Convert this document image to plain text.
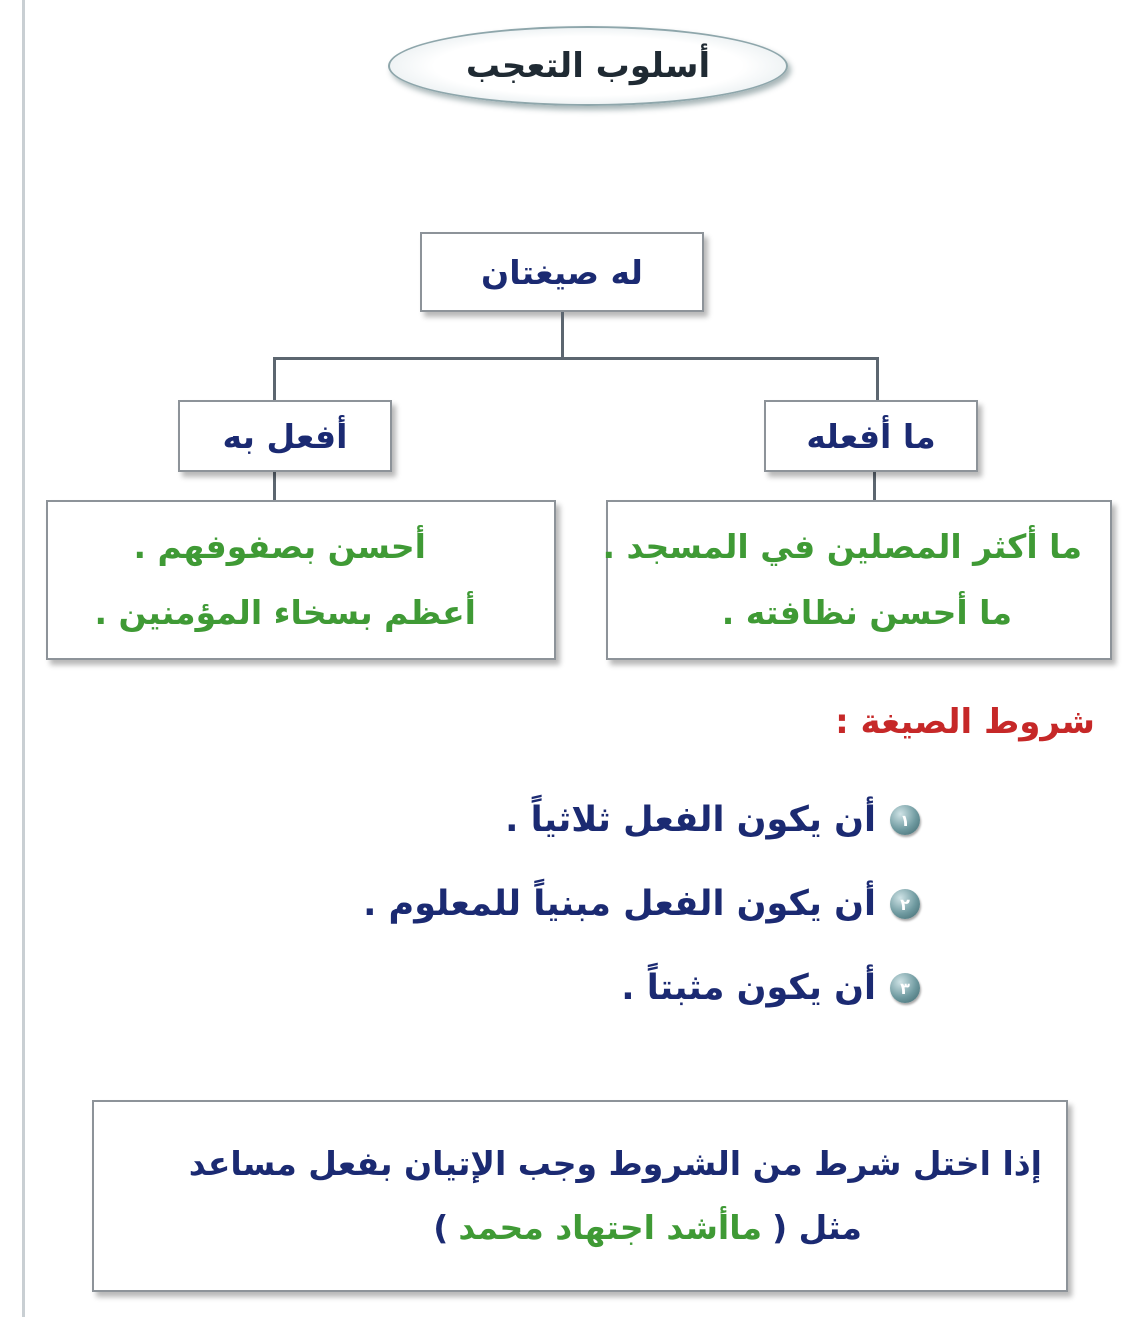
أسلوب التعجب
له صيغتان
ما أفعله
أفعل به
ما أكثر المصلين في المسجد .
ما أحسن نظافته .
أحسن بصفوفهم .
أعظم بسخاء المؤمنين .
شروط الصيغة :
١
أن يكون الفعل ثلاثياً .
٢
أن يكون الفعل مبنياً للمعلوم .
٣
أن يكون مثبتاً .
إذا اختل شرط من الشروط وجب الإتيان بفعل مساعد
مثل (
ماأشد اجتهاد محمد
)
